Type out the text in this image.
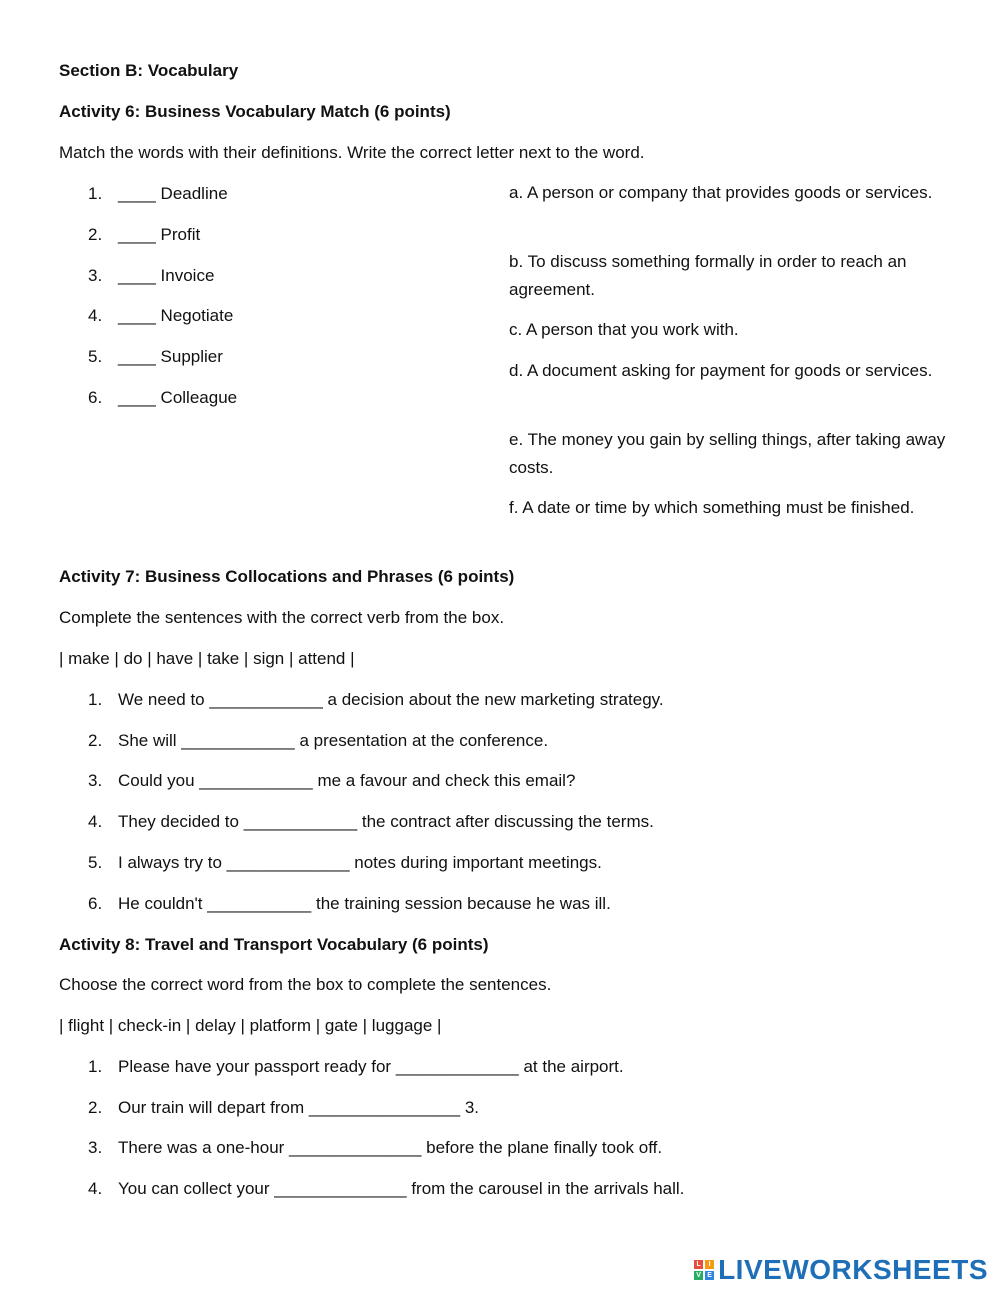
Section B: Vocabulary
Activity 6: Business Vocabulary Match (6 points)
Match the words with their definitions. Write the correct letter next to the word.
1. ____ Deadline
2. ____ Profit
3. ____ Invoice
4. ____ Negotiate
5. ____ Supplier
6. ____ Colleague
a. A person or company that provides goods or services.
b. To discuss something formally in order to reach an agreement.
c. A person that you work with.
d. A document asking for payment for goods or services.
e. The money you gain by selling things, after taking away costs.
f. A date or time by which something must be finished.
Activity 7: Business Collocations and Phrases (6 points)
Complete the sentences with the correct verb from the box.
| make | do | have | take | sign | attend |
1. We need to ____________ a decision about the new marketing strategy.
2. She will ____________ a presentation at the conference.
3. Could you ____________ me a favour and check this email?
4. They decided to ____________ the contract after discussing the terms.
5. I always try to _____________ notes during important meetings.
6. He couldn't ___________ the training session because he was ill.
Activity 8: Travel and Transport Vocabulary (6 points)
Choose the correct word from the box to complete the sentences.
| flight | check-in | delay | platform | gate | luggage |
1. Please have your passport ready for _____________ at the airport.
2. Our train will depart from ________________ 3.
3. There was a one-hour ______________ before the plane finally took off.
4. You can collect your ______________ from the carousel in the arrivals hall.
L	I
V E LIVEWORKSHEETS
